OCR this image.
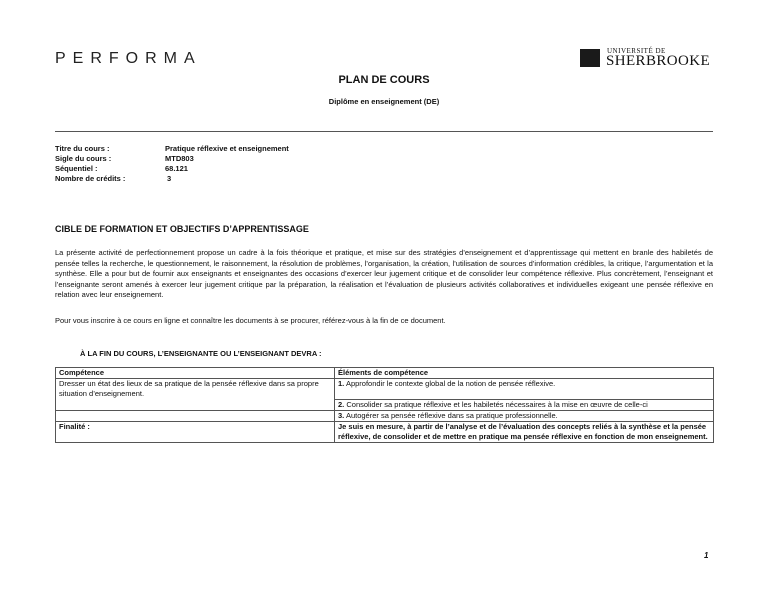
PERFORMA	UNIVERSITÉ DE
SHERBROOKE
PLAN DE COURS
Diplôme en enseignement (DE)
Titre du cours :	Pratique réflexive et enseignement
Sigle du cours :	MTD803
Séquentiel :	68.121
Nombre de crédits :	3
CIBLE DE FORMATION ET OBJECTIFS D’APPRENTISSAGE
La présente activité de perfectionnement propose un cadre à la fois théorique et pratique, et mise sur des stratégies d’enseignement et d’apprentissage qui mettent en branle des habiletés de pensée telles la recherche, le questionnement, le raisonnement, la résolution de problèmes, l’organisation, la création, l’utilisation de sources d’information crédibles, la critique, l’argumentation et la synthèse. Elle a pour but de fournir aux enseignants et enseignantes des occasions d’exercer leur jugement critique et de consolider leur compétence réflexive. Plus concrètement, l’enseignant et l’enseignante seront amenés à exercer leur jugement critique par la préparation, la réalisation et l’évaluation de plusieurs activités collaboratives et individuelles exigeant une pensée réflexive en relation avec leur enseignement.
Pour vous inscrire à ce cours en ligne et connaître les documents à se procurer, référez-vous à la fin de ce document.
À LA FIN DU COURS, L’ENSEIGNANTE OU L’ENSEIGNANT DEVRA :
Compétence	Éléments de compétence
Dresser un état des lieux de sa pratique de la pensée réflexive dans sa propre situation d’enseignement.	1. Approfondir le contexte global de la notion de pensée réflexive.
	2. Consolider sa pratique réflexive et les habiletés nécessaires à la mise en œuvre de celle-ci
	3. Autogérer sa pensée réflexive dans sa pratique professionnelle.
Finalité :	Je suis en mesure, à partir de l’analyse et de l’évaluation des concepts reliés à la synthèse et la pensée réflexive, de consolider et de mettre en pratique ma pensée réflexive en fonction de mon enseignement.
1
